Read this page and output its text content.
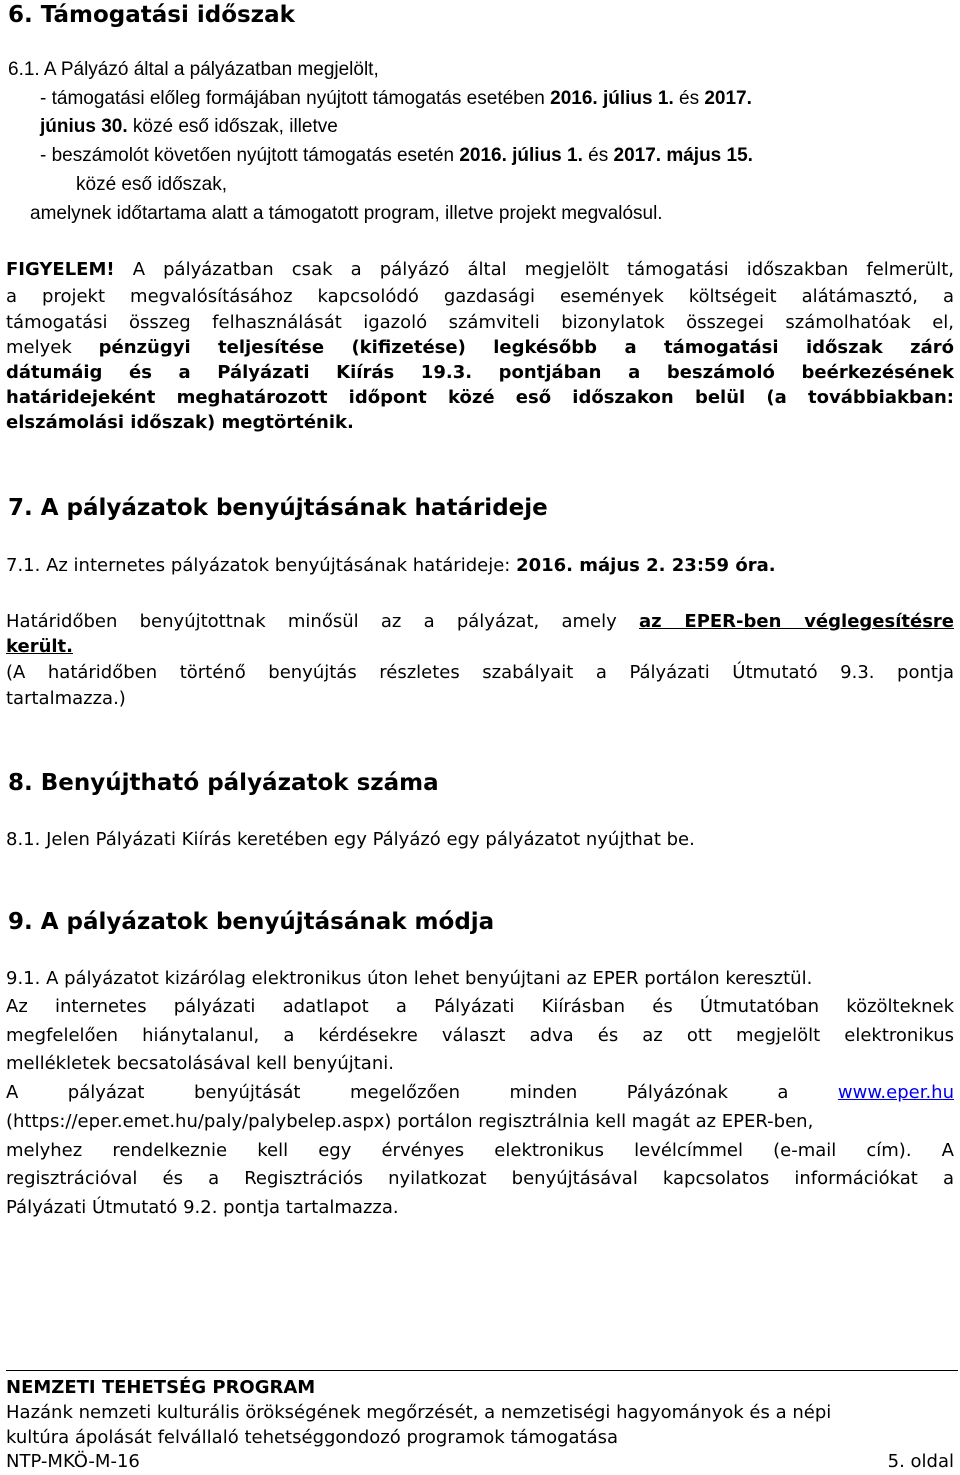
6. Támogatási időszak
6.1. A Pályázó által a pályázatban megjelölt,
- támogatási előleg formájában nyújtott támogatás esetében 2016. július 1. és 2017.
június 30. közé eső időszak, illetve
- beszámolót követően nyújtott támogatás esetén 2016. július 1. és 2017. május 15.
közé eső időszak,
amelynek időtartama alatt a támogatott program, illetve projekt megvalósul.
FIGYELEM! A pályázatban csak a pályázó által megjelölt támogatási időszakban felmerült,
a projekt megvalósításához kapcsolódó gazdasági események költségeit alátámasztó, a
támogatási összeg felhasználását igazoló számviteli bizonylatok összegei számolhatóak el,
melyek pénzügyi teljesítése (kifizetése) legkésőbb a támogatási időszak záró
dátumáig és a Pályázati Kiírás 19.3. pontjában a beszámoló beérkezésének
határidejeként meghatározott időpont közé eső időszakon belül (a továbbiakban:
elszámolási időszak) megtörténik.
7. A pályázatok benyújtásának határideje
7.1. Az internetes pályázatok benyújtásának határideje: 2016. május 2. 23:59 óra.
Határidőben benyújtottnak minősül az a pályázat, amely az EPER-ben véglegesítésre
került.
(A határidőben történő benyújtás részletes szabályait a Pályázati Útmutató 9.3. pontja
tartalmazza.)
8. Benyújtható pályázatok száma
8.1. Jelen Pályázati Kiírás keretében egy Pályázó egy pályázatot nyújthat be.
9. A pályázatok benyújtásának módja
9.1. A pályázatot kizárólag elektronikus úton lehet benyújtani az EPER portálon keresztül.
Az internetes pályázati adatlapot a Pályázati Kiírásban és Útmutatóban közölteknek
megfelelően hiánytalanul, a kérdésekre választ adva és az ott megjelölt elektronikus
mellékletek becsatolásával kell benyújtani.
A pályázat benyújtását megelőzően minden Pályázónak a www.eper.hu
(https://eper.emet.hu/paly/palybelep.aspx) portálon regisztrálnia kell magát az EPER-ben,
melyhez rendelkeznie kell egy érvényes elektronikus levélcímmel (e-mail cím). A
regisztrációval és a Regisztrációs nyilatkozat benyújtásával kapcsolatos információkat a
Pályázati Útmutató 9.2. pontja tartalmazza.
NEMZETI TEHETSÉG PROGRAM
Hazánk nemzeti kulturális örökségének megőrzését, a nemzetiségi hagyományok és a népi
kultúra ápolását felvállaló tehetséggondozó programok támogatása
NTP-MKÖ-M-16	5. oldal
